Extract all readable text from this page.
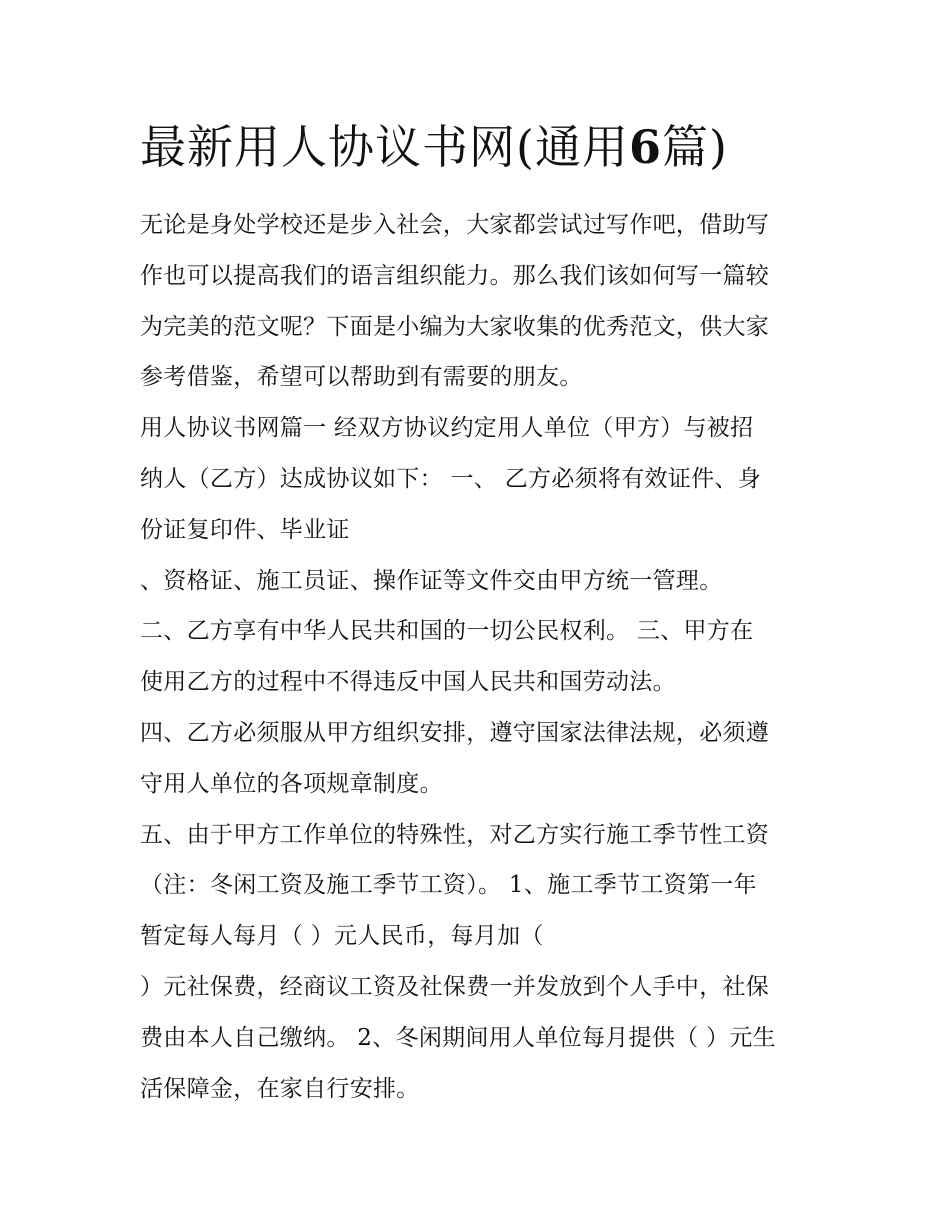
最新用人协议书网(通用6篇)
无论是身处学校还是步入社会，大家都尝试过写作吧，借助写
作也可以提高我们的语言组织能力。那么我们该如何写一篇较
为完美的范文呢？下面是小编为大家收集的优秀范文，供大家
参考借鉴，希望可以帮助到有需要的朋友。
用人协议书网篇一 经双方协议约定用人单位（甲方）与被招
纳人（乙方）达成协议如下： 一、 乙方必须将有效证件、身
份证复印件、毕业证
、资格证、施工员证、操作证等文件交由甲方统一管理。
二、乙方享有中华人民共和国的一切公民权利。 三、甲方在
使用乙方的过程中不得违反中国人民共和国劳动法。
四、乙方必须服从甲方组织安排，遵守国家法律法规，必须遵
守用人单位的各项规章制度。
五、由于甲方工作单位的特殊性，对乙方实行施工季节性工资
（注：冬闲工资及施工季节工资）。 1、施工季节工资第一年
暂定每人每月（ ）元人民币，每月加（
）元社保费，经商议工资及社保费一并发放到个人手中，社保
费由本人自己缴纳。 2、冬闲期间用人单位每月提供（ ）元生
活保障金，在家自行安排。
